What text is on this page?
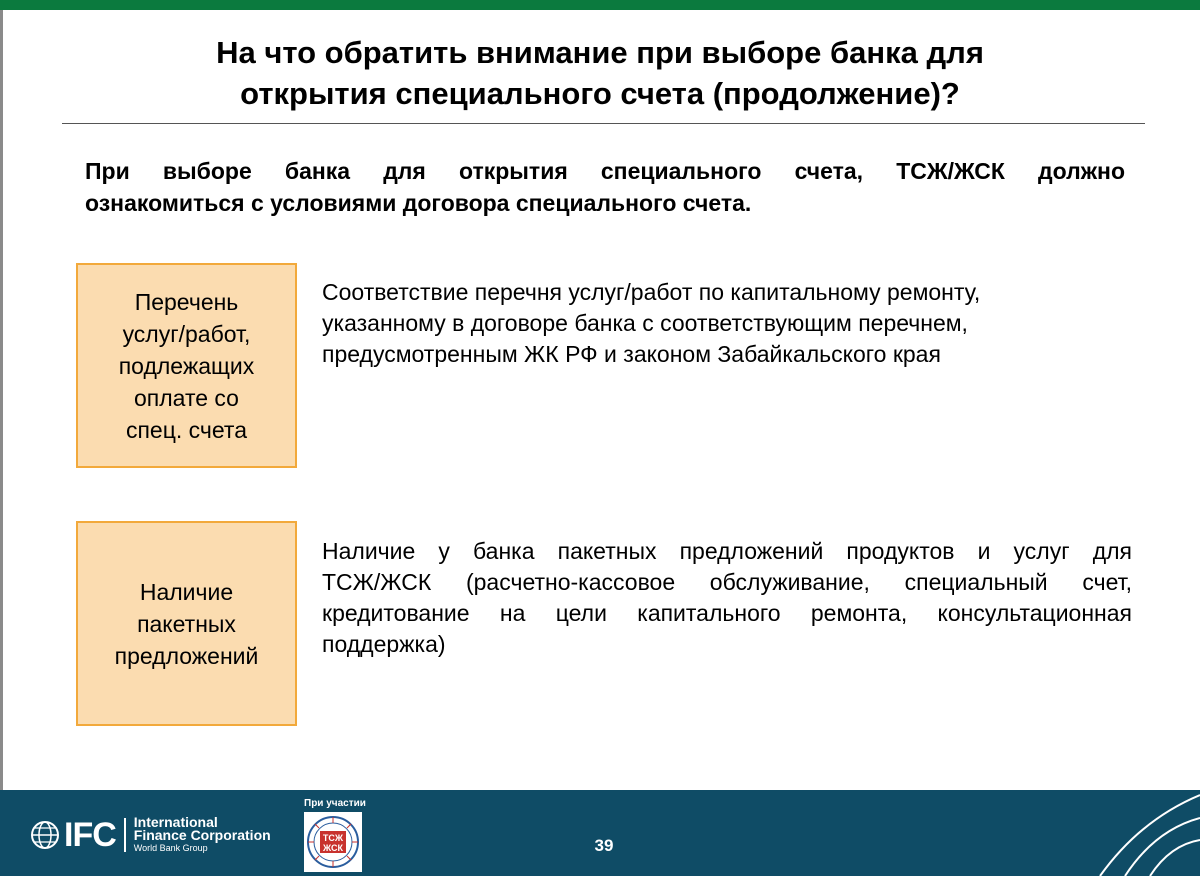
На что обратить внимание при выборе банка для
открытия специального счета (продолжение)?
При выборе банка для открытия специального счета, ТСЖ/ЖСК должно
ознакомиться с условиями договора специального счета.
Перечень
услуг/работ,
подлежащих
оплате со
спец. счета
Соответствие перечня услуг/работ по капитальному ремонту,
указанному в договоре банка с соответствующим перечнем,
предусмотренным ЖК РФ и законом Забайкальского края
Наличие
пакетных
предложений
Наличие у банка пакетных предложений продуктов и услуг для
ТСЖ/ЖСК (расчетно-кассовое обслуживание, специальный счет,
кредитование на цели капитального ремонта, консультационная
поддержка)
IFC International
Finance Corporation
World Bank Group
При участии
ТСЖ
ЖСК	39
